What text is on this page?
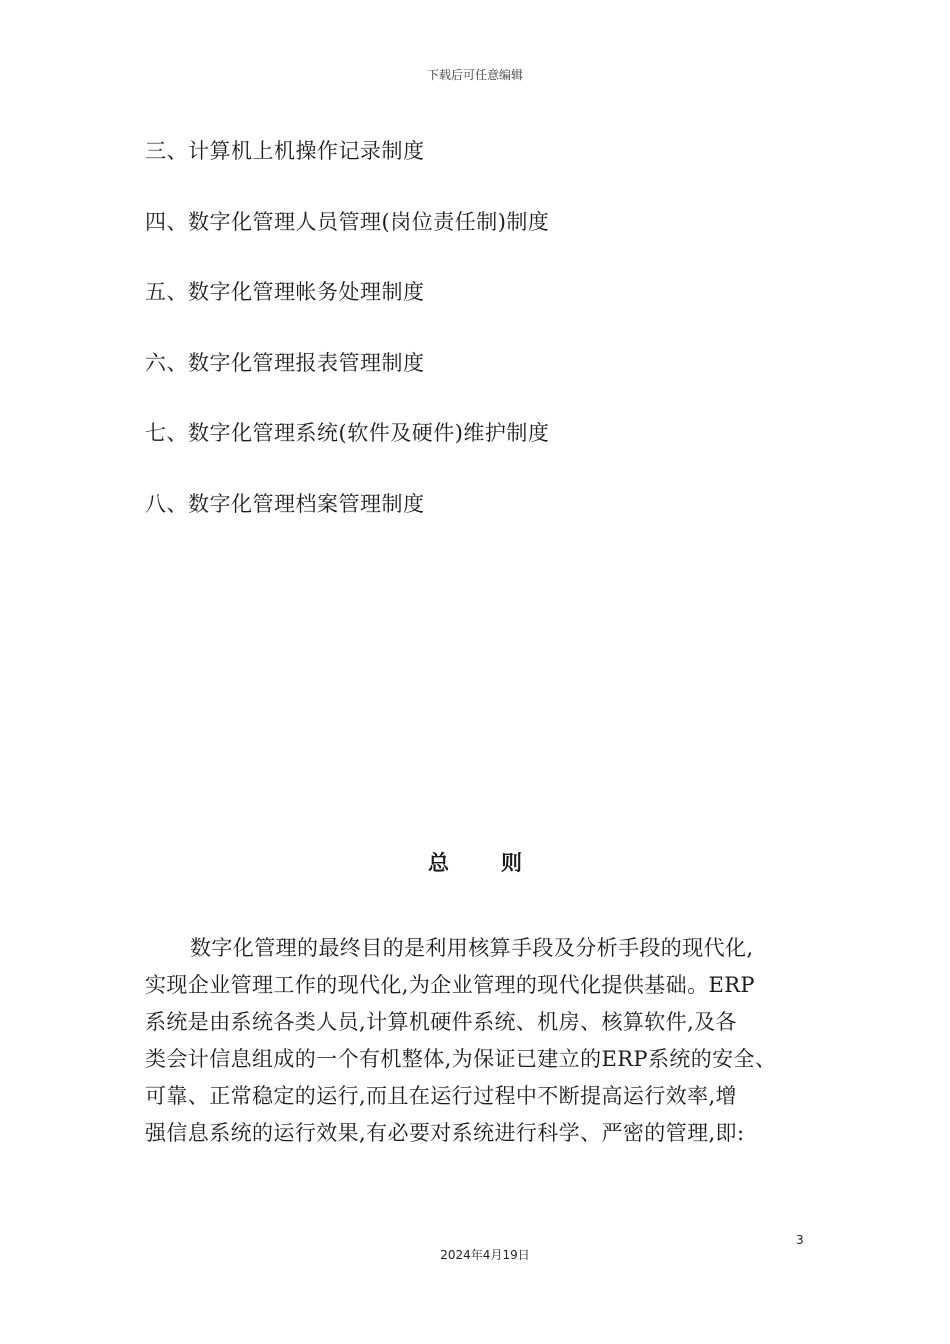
下载后可任意编辑
三、计算机上机操作记录制度
四、数字化管理人员管理(岗位责任制)制度
五、数字化管理帐务处理制度
六、数字化管理报表管理制度
七、数字化管理系统(软件及硬件)维护制度
八、数字化管理档案管理制度
总 则
数字化管理的最终目的是利用核算手段及分析手段的现代化,
实现企业管理工作的现代化,为企业管理的现代化提供基础。ERP
系统是由系统各类人员,计算机硬件系统、机房、核算软件,及各
类会计信息组成的一个有机整体,为保证已建立的ERP系统的安全、
可靠、正常稳定的运行,而且在运行过程中不断提高运行效率,增
强信息系统的运行效果,有必要对系统进行科学、严密的管理,即:
3
2024年4月19日
